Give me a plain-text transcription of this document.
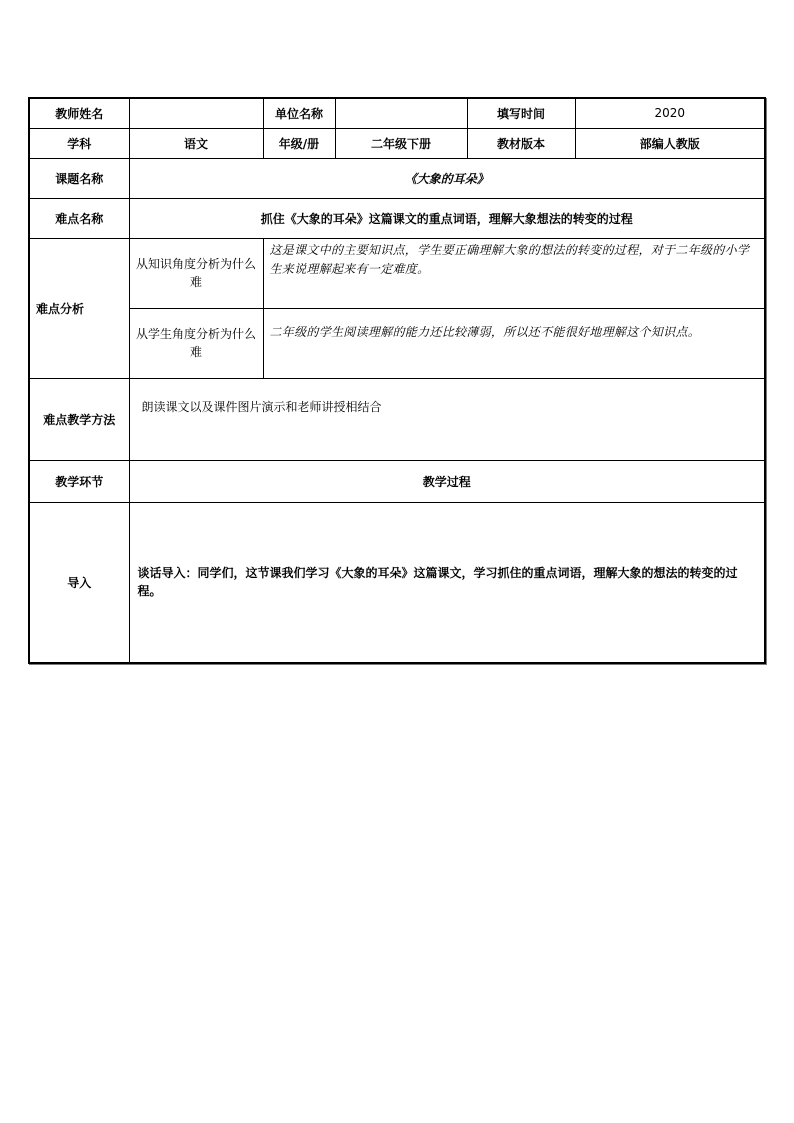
教师姓名		单位名称		填写时间	2020
学科	语文	年级/册	二年级下册	教材版本	部编人教版
课题名称	《大象的耳朵》				
难点名称	抓住《大象的耳朵》这篇课文的重点词语，理解大象想法的转变的过程				
难点分析	从知识角度分析为什么难	这是课文中的主要知识点，学生要正确理解大象的想法的转变的过程，对于二年级的小学生来说理解起来有一定难度。			
	从学生角度分析为什么难	二年级的学生阅读理解的能力还比较薄弱，所以还不能很好地理解这个知识点。			
难点教学方法	朗读课文以及课件图片演示和老师讲授相结合				
教学环节	教学过程				
导入	谈话导入：同学们，这节课我们学习《大象的耳朵》这篇课文，学习抓住的重点词语，理解大象的想法的转变的过程。				
